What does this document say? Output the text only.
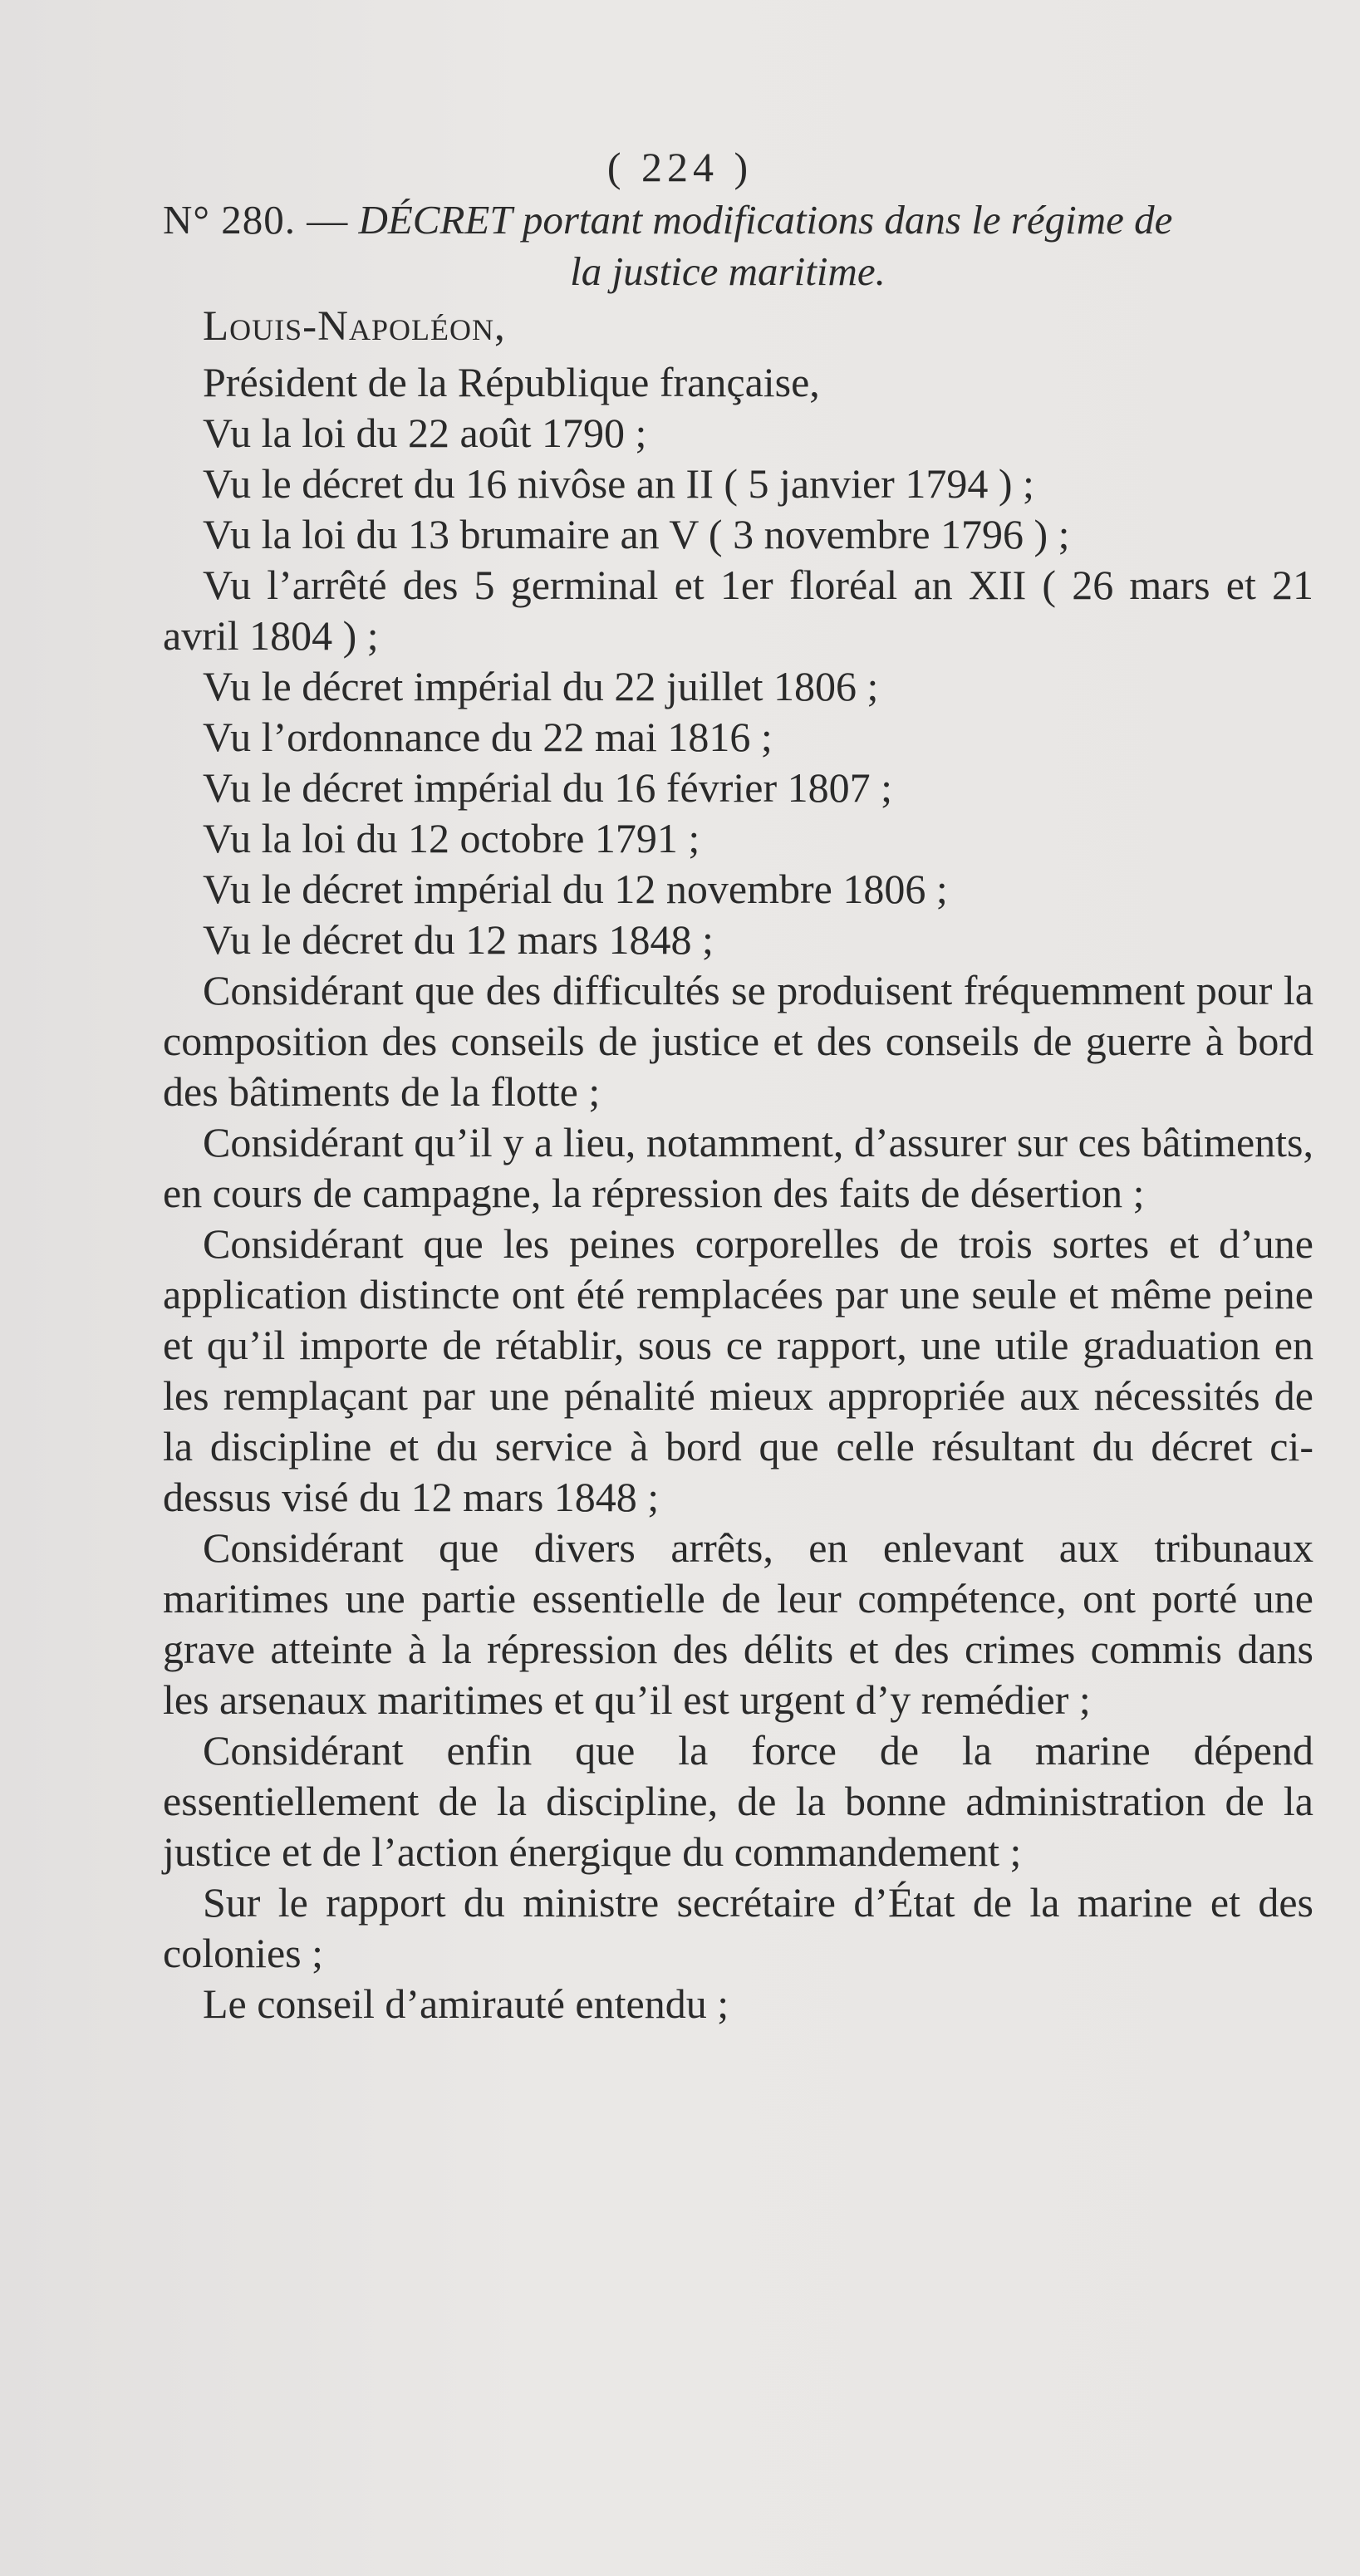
( 224 )
N° 280. — DÉCRET portant modifications dans le régime de
la justice maritime.
Louis-Napoléon,

Président de la République française,

Vu la loi du 22 août 1790 ;

Vu le décret du 16 nivôse an II ( 5 janvier 1794 ) ;

Vu la loi du 13 brumaire an V ( 3 novembre 1796 ) ;

Vu l’arrêté des 5 germinal et 1er floréal an XII ( 26 mars et 21 avril 1804 ) ;

Vu le décret impérial du 22 juillet 1806 ;

Vu l’ordonnance du 22 mai 1816 ;

Vu le décret impérial du 16 février 1807 ;

Vu la loi du 12 octobre 1791 ;

Vu le décret impérial du 12 novembre 1806 ;

Vu le décret du 12 mars 1848 ;

Considérant que des difficultés se produisent fréquemment pour la composition des conseils de justice et des conseils de guerre à bord des bâtiments de la flotte ;

Considérant qu’il y a lieu, notamment, d’assurer sur ces bâtiments, en cours de campagne, la répression des faits de désertion ;

Considérant que les peines corporelles de trois sortes et d’une application distincte ont été remplacées par une seule et même peine et qu’il importe de rétablir, sous ce rapport, une utile graduation en les remplaçant par une pénalité mieux appropriée aux nécessités de la discipline et du service à bord que celle résultant du décret ci-dessus visé du 12 mars 1848 ;

Considérant que divers arrêts, en enlevant aux tribunaux maritimes une partie essentielle de leur compétence, ont porté une grave atteinte à la répression des délits et des crimes commis dans les arsenaux maritimes et qu’il est urgent d’y remédier ;

Considérant enfin que la force de la marine dépend essentiellement de la discipline, de la bonne administration de la justice et de l’action énergique du commandement ;

Sur le rapport du ministre secrétaire d’État de la marine et des colonies ;

Le conseil d’amirauté entendu ;
